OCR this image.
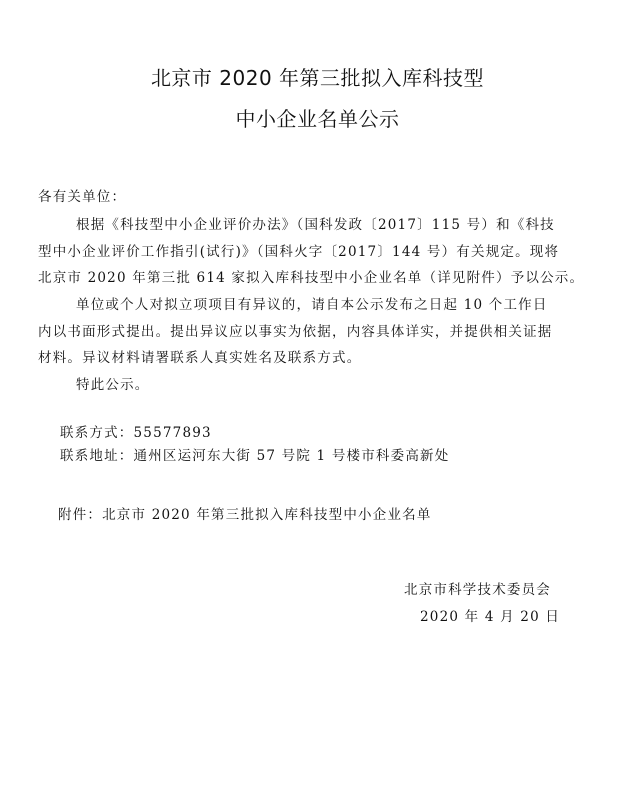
北京市 2020 年第三批拟入库科技型
中小企业名单公示
各有关单位：
根据《科技型中小企业评价办法》（国科发政〔2017〕115 号）和《科技
型中小企业评价工作指引(试行)》（国科火字〔2017〕144 号）有关规定。现将
北京市 2020 年第三批 614 家拟入库科技型中小企业名单（详见附件）予以公示。
单位或个人对拟立项项目有异议的，请自本公示发布之日起 10 个工作日
内以书面形式提出。提出异议应以事实为依据，内容具体详实，并提供相关证据
材料。异议材料请署联系人真实姓名及联系方式。
特此公示。
联系方式：55577893
联系地址：通州区运河东大街 57 号院 1 号楼市科委高新处
附件：北京市 2020 年第三批拟入库科技型中小企业名单
北京市科学技术委员会
2020 年 4 月 20 日
